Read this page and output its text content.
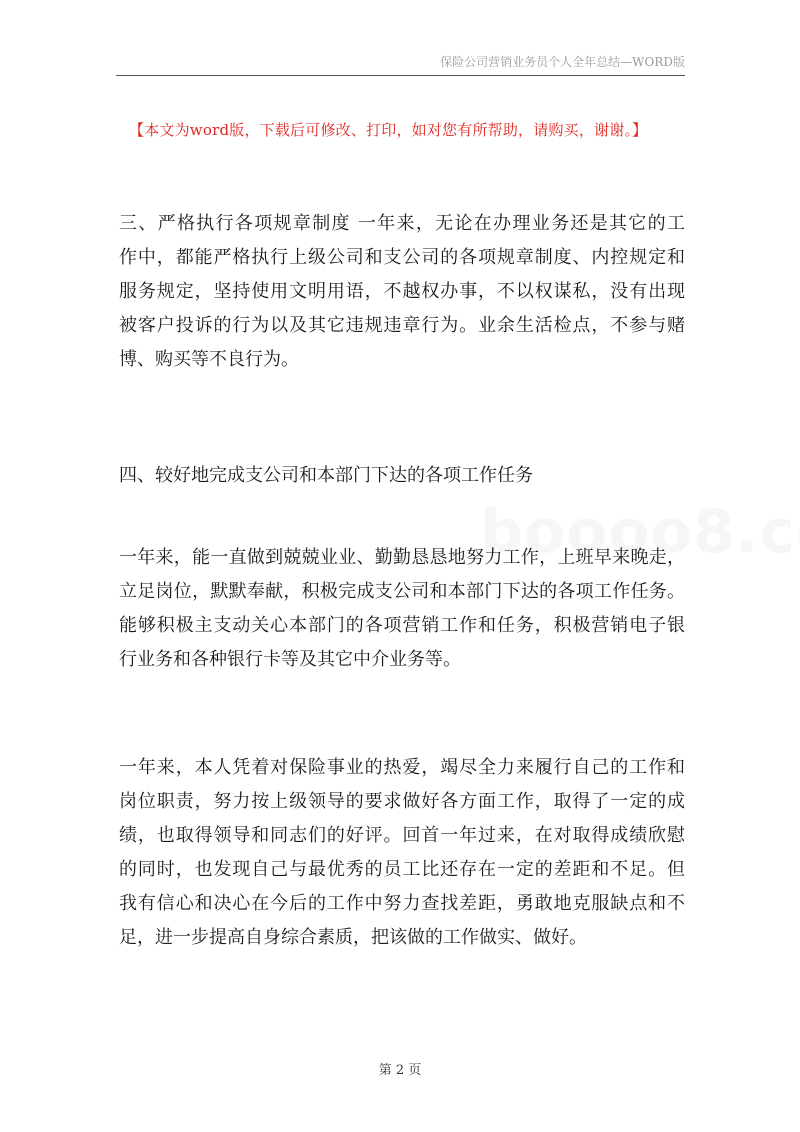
保险公司营销业务员个人全年总结—WORD版
【本文为word版，下载后可修改、打印，如对您有所帮助，请购买，谢谢。】

三、严格执行各项规章制度 一年来，无论在办理业务还是其它的工
作中，都能严格执行上级公司和支公司的各项规章制度、内控规定和
服务规定，坚持使用文明用语，不越权办事，不以权谋私，没有出现
被客户投诉的行为以及其它违规违章行为。业余生活检点，不参与赌
博、购买等不良行为。

四、较好地完成支公司和本部门下达的各项工作任务

一年来，能一直做到兢兢业业、勤勤恳恳地努力工作，上班早来晚走，
立足岗位，默默奉献，积极完成支公司和本部门下达的各项工作任务。
能够积极主支动关心本部门的各项营销工作和任务，积极营销电子银
行业务和各种银行卡等及其它中介业务等。

一年来，本人凭着对保险事业的热爱，竭尽全力来履行自己的工作和
岗位职责，努力按上级领导的要求做好各方面工作，取得了一定的成
绩，也取得领导和同志们的好评。回首一年过来，在对取得成绩欣慰
的同时，也发现自己与最优秀的员工比还存在一定的差距和不足。但
我有信心和决心在今后的工作中努力查找差距，勇敢地克服缺点和不
足，进一步提高自身综合素质，把该做的工作做实、做好。

第 2 页
